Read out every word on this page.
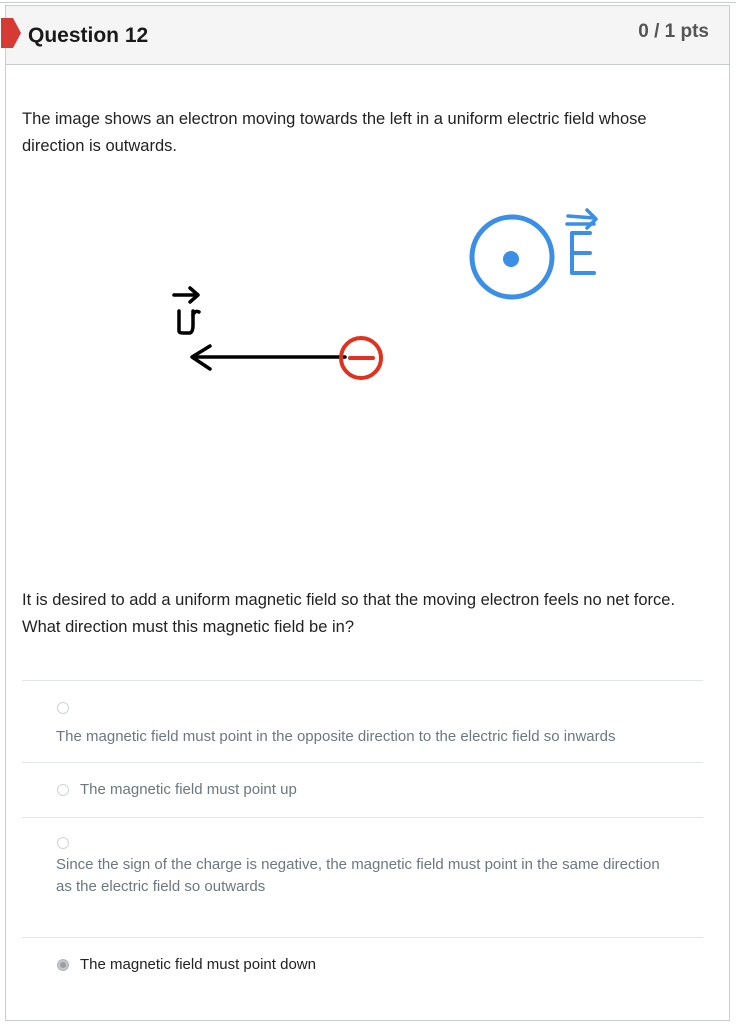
Question 12	0 / 1 pts
The image shows an electron moving towards the left in a uniform electric field whose direction is outwards.
It is desired to add a uniform magnetic field so that the moving electron feels no net force. What direction must this magnetic field be in?
The magnetic field must point in the opposite direction to the electric field so inwards
The magnetic field must point up
Since the sign of the charge is negative, the magnetic field must point in the same direction as the electric field so outwards
The magnetic field must point down
